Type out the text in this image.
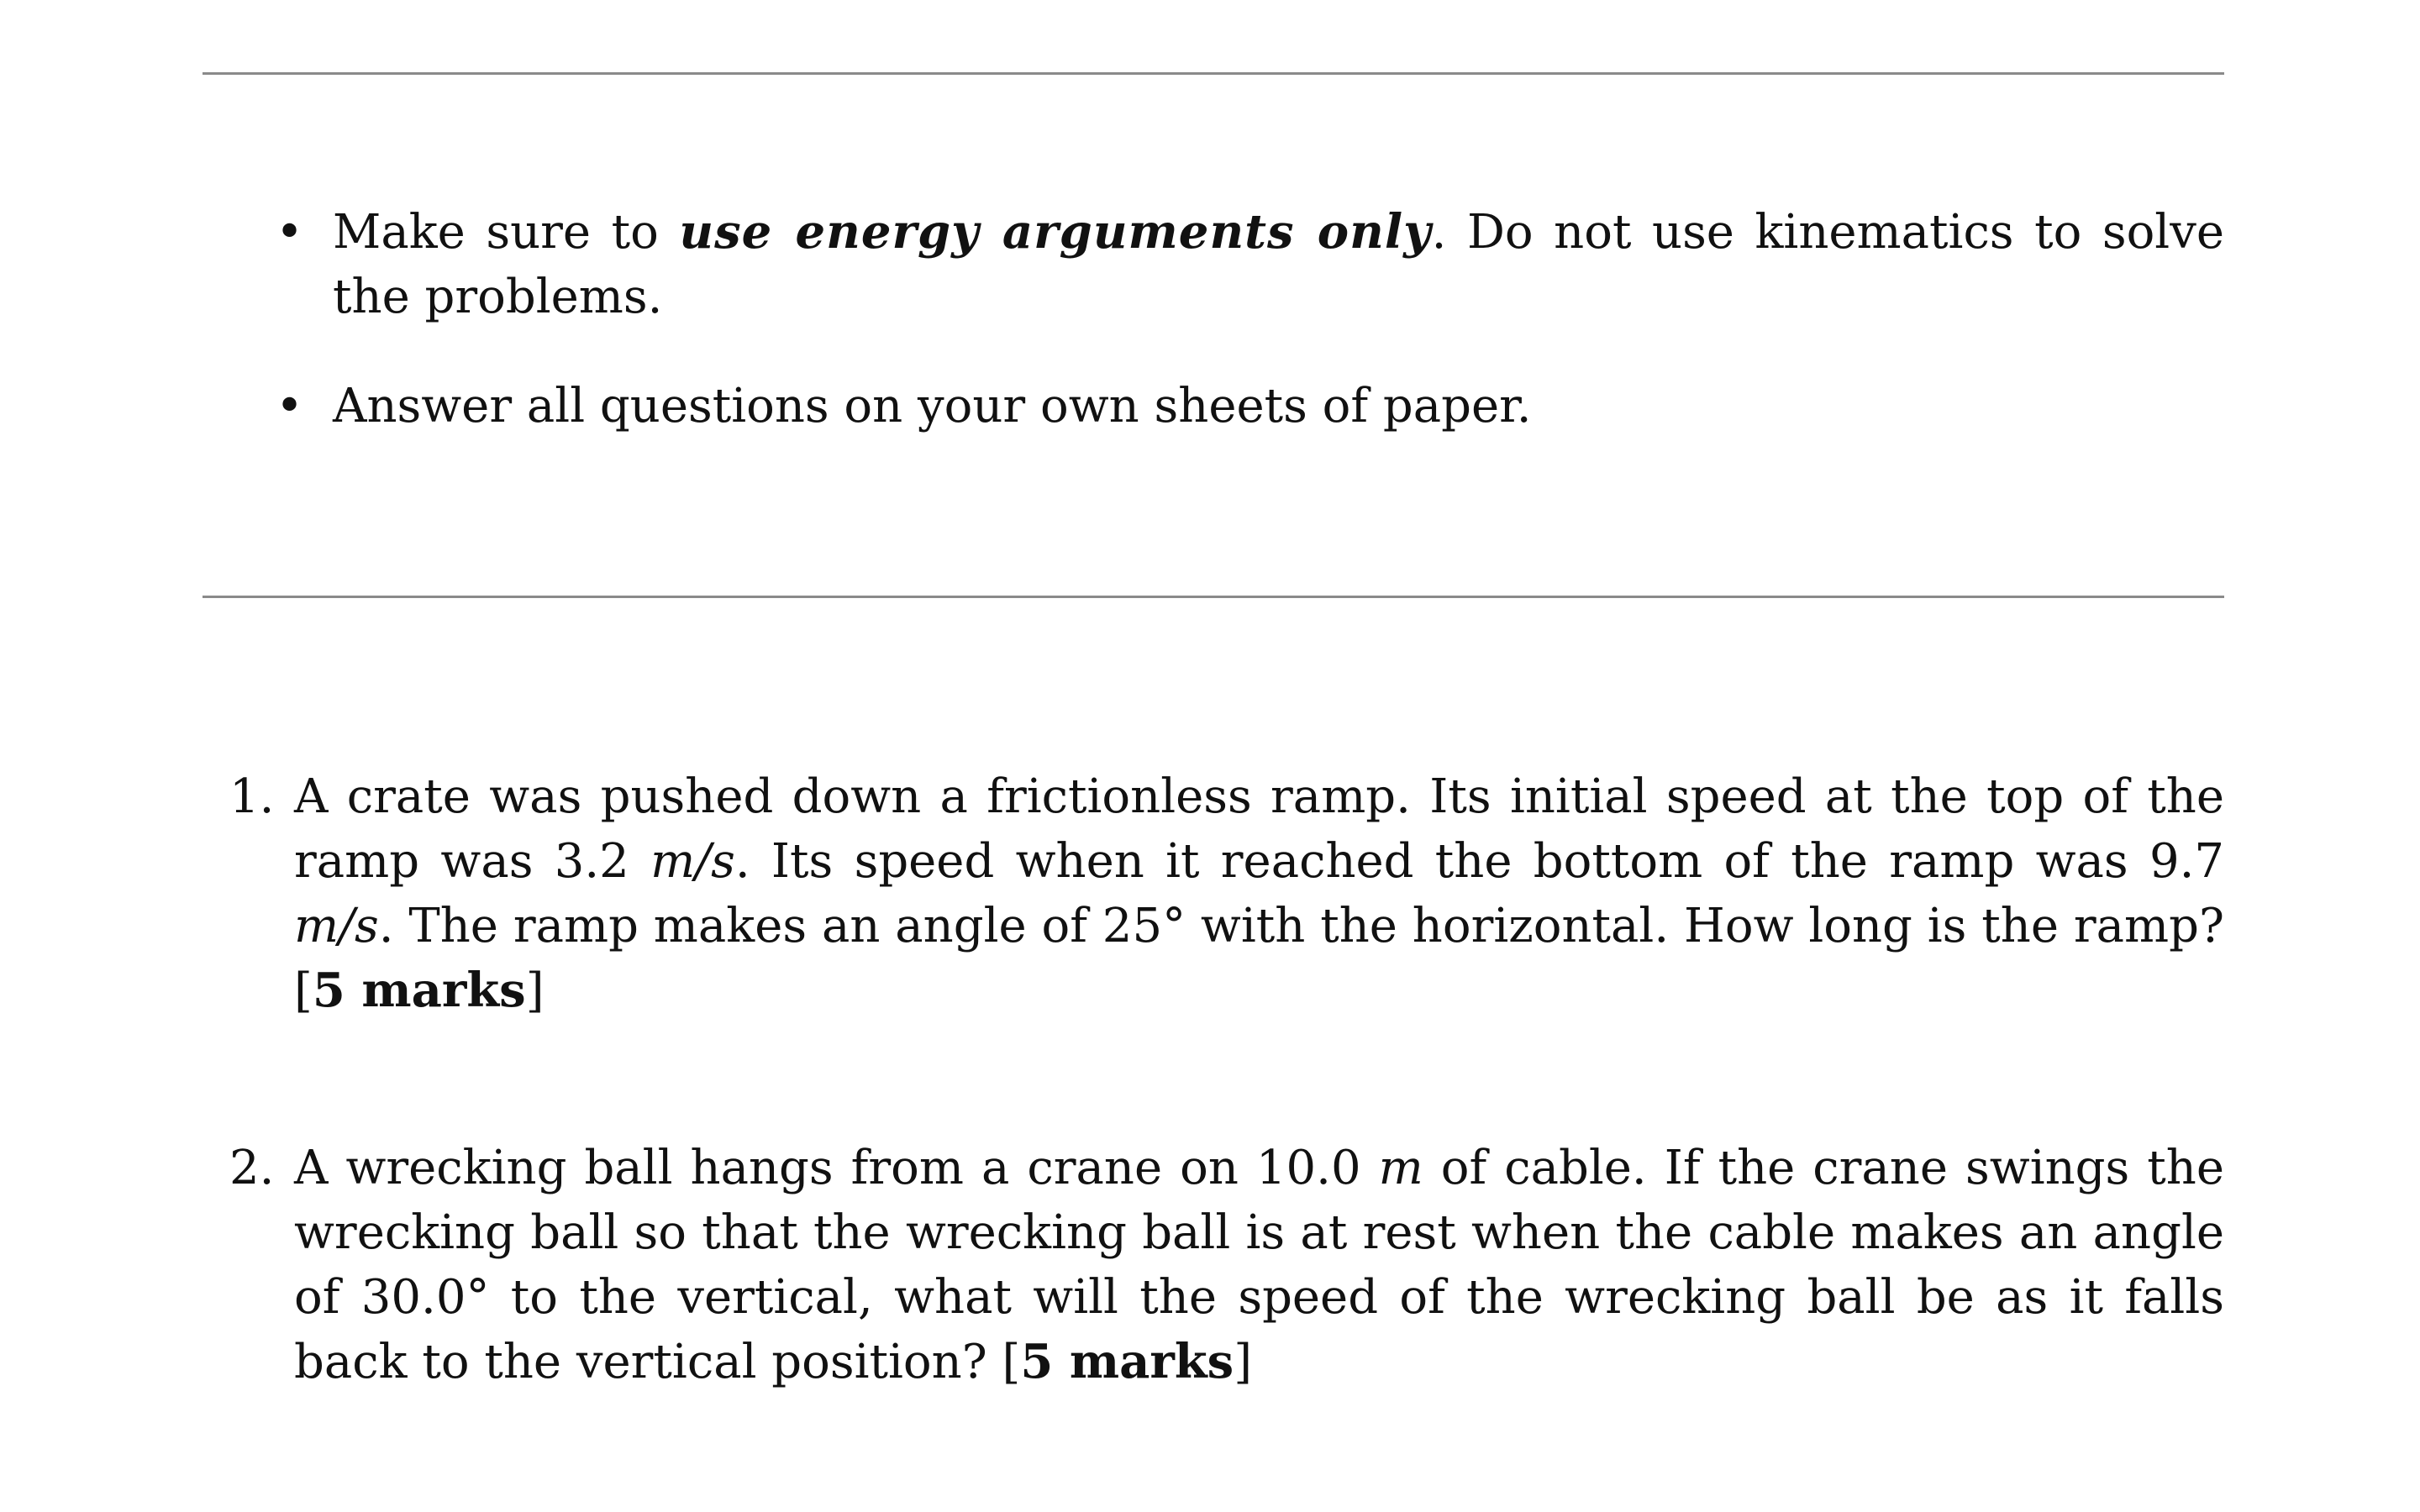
• Make sure to use energy arguments only. Do not use kinematics to solve the problems.
• Answer all questions on your own sheets of paper.
1. A crate was pushed down a frictionless ramp. Its initial speed at the top of the ramp was 3.2 m/s. Its speed when it reached the bottom of the ramp was 9.7 m/s. The ramp makes an angle of 25° with the horizontal. How long is the ramp? [5 marks]
2. A wrecking ball hangs from a crane on 10.0 m of cable. If the crane swings the wrecking ball so that the wrecking ball is at rest when the cable makes an angle of 30.0° to the vertical, what will the speed of the wrecking ball be as it falls back to the vertical position? [5 marks]
